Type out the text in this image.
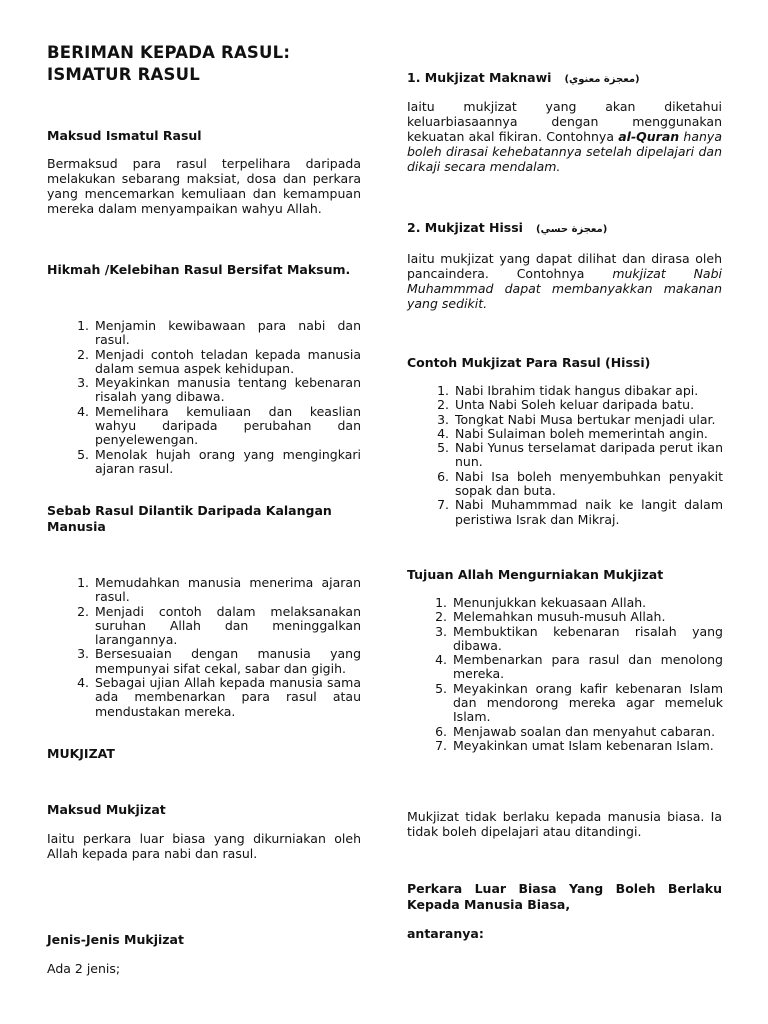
BERIMAN KEPADA RASUL:
ISMATUR RASUL
Maksud Ismatul Rasul
Bermaksud para rasul terpelihara daripada melakukan sebarang maksiat, dosa dan perkara yang mencemarkan kemuliaan dan kemampuan mereka dalam menyampaikan wahyu Allah.
Hikmah /Kelebihan Rasul Bersifat Maksum.
1. Menjamin kewibawaan para nabi dan rasul.
2. Menjadi contoh teladan kepada manusia dalam semua aspek kehidupan.
3. Meyakinkan manusia tentang kebenaran risalah yang dibawa.
4. Memelihara kemuliaan dan keaslian wahyu daripada perubahan dan penyelewengan.
5. Menolak hujah orang yang mengingkari ajaran rasul.
Sebab Rasul Dilantik Daripada Kalangan Manusia
1. Memudahkan manusia menerima ajaran rasul.
2. Menjadi contoh dalam melaksanakan suruhan Allah dan meninggalkan larangannya.
3. Bersesuaian dengan manusia yang mempunyai sifat cekal, sabar dan gigih.
4. Sebagai ujian Allah kepada manusia sama ada membenarkan para rasul atau mendustakan mereka.
MUKJIZAT
Maksud Mukjizat
Iaitu perkara luar biasa yang dikurniakan oleh Allah kepada para nabi dan rasul.
Jenis-Jenis Mukjizat
Ada 2 jenis;
1. Mukjizat Maknawi (معجزة معنوي)
Iaitu mukjizat yang akan diketahui keluarbiasaannya dengan menggunakan kekuatan akal fikiran. Contohnya al-Quran hanya boleh dirasai kehebatannya setelah dipelajari dan dikaji secara mendalam.
2. Mukjizat Hissi (معجزة حسي)
Iaitu mukjizat yang dapat dilihat dan dirasa oleh pancaindera. Contohnya mukjizat Nabi Muhammmad dapat membanyakkan makanan yang sedikit.
Contoh Mukjizat Para Rasul (Hissi)
1. Nabi Ibrahim tidak hangus dibakar api.
2. Unta Nabi Soleh keluar daripada batu.
3. Tongkat Nabi Musa bertukar menjadi ular.
4. Nabi Sulaiman boleh memerintah angin.
5. Nabi Yunus terselamat daripada perut ikan nun.
6. Nabi Isa boleh menyembuhkan penyakit sopak dan buta.
7. Nabi Muhammmad naik ke langit dalam peristiwa Israk dan Mikraj.
Tujuan Allah Mengurniakan Mukjizat
1. Menunjukkan kekuasaan Allah.
2. Melemahkan musuh-musuh Allah.
3. Membuktikan kebenaran risalah yang dibawa.
4. Membenarkan para rasul dan menolong mereka.
5. Meyakinkan orang kafir kebenaran Islam dan mendorong mereka agar memeluk Islam.
6. Menjawab soalan dan menyahut cabaran.
7. Meyakinkan umat Islam kebenaran Islam.
Mukjizat tidak berlaku kepada manusia biasa. Ia tidak boleh dipelajari atau ditandingi.
Perkara Luar Biasa Yang Boleh Berlaku Kepada Manusia Biasa,
antaranya:
